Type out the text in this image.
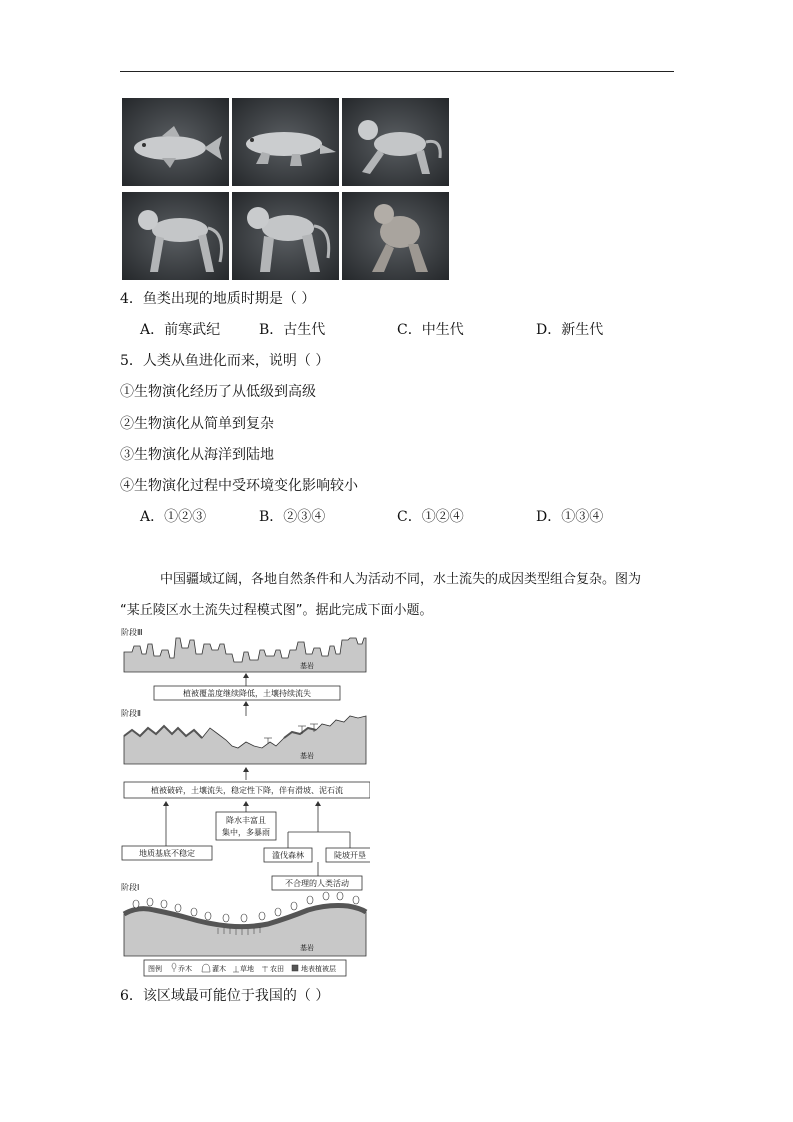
4．鱼类出现的地质时期是（ ）
A．前寒武纪	B．古生代	C．中生代	D．新生代
5．人类从鱼进化而来，说明（ ）
①生物演化经历了从低级到高级
②生物演化从简单到复杂
③生物演化从海洋到陆地
④生物演化过程中受环境变化影响较小
A．①②③	B．②③④	C．①②④	D．①③④
中国疆域辽阔，各地自然条件和人为活动不同，水土流失的成因类型组合复杂。图为
“某丘陵区水土流失过程模式图”。据此完成下面小题。
阶段Ⅲ
基岩
植被覆盖度继续降低，土壤持续流失
阶段Ⅱ
基岩
植被破碎，土壤流失，稳定性下降，伴有滑坡、泥石流
降水丰富且
集中，多暴雨
地质基底不稳定	滥伐森林	陡坡开垦
不合理的人类活动
阶段Ⅰ
基岩
图例 乔木	灌木 草地 农田 地表植被层
6．该区域最可能位于我国的（ ）
